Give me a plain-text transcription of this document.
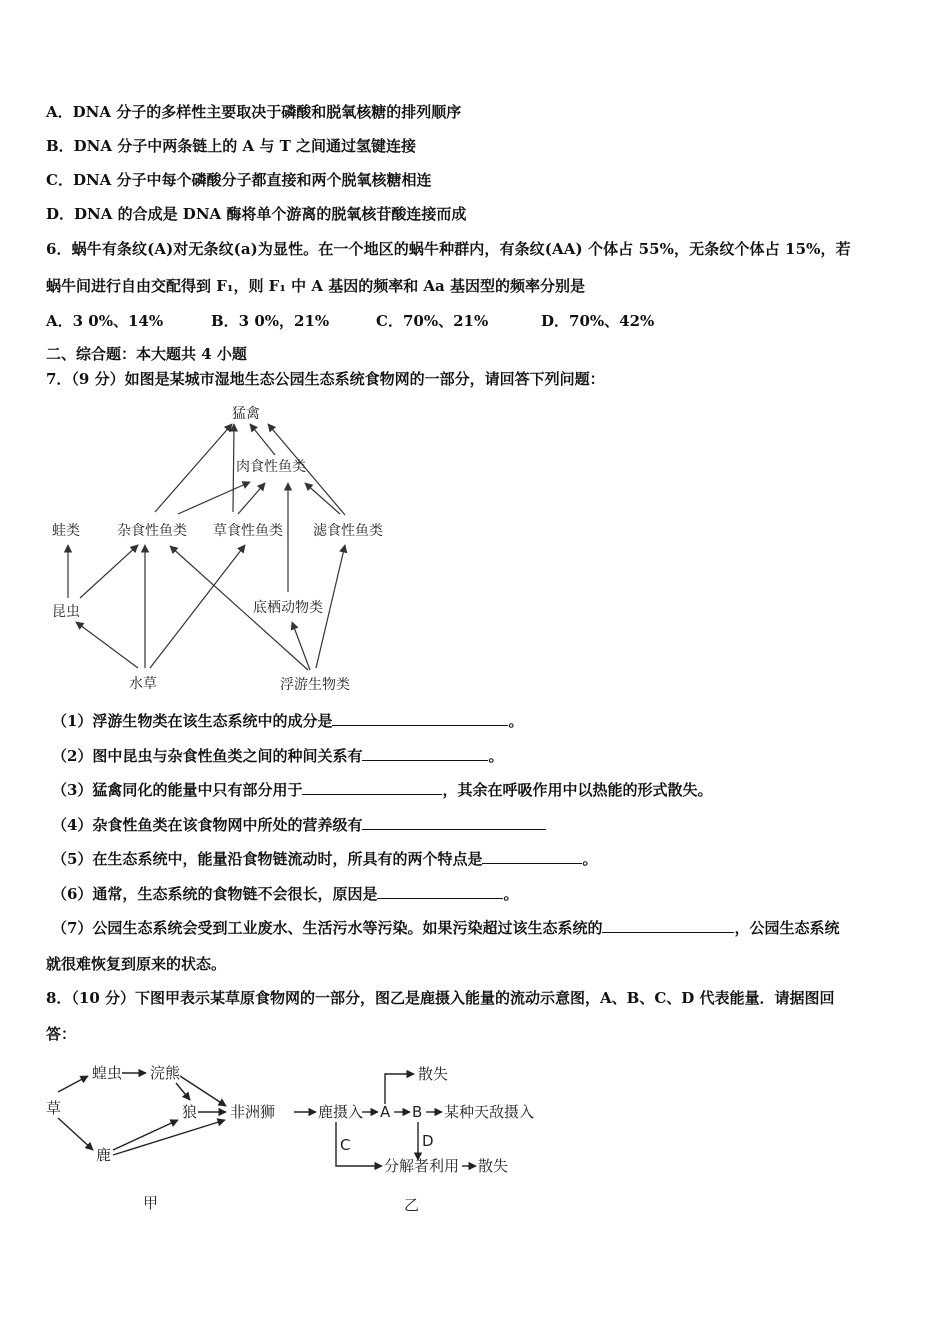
A．DNA 分子的多样性主要取决于磷酸和脱氧核糖的排列顺序
B．DNA 分子中两条链上的 A 与 T 之间通过氢键连接
C．DNA 分子中每个磷酸分子都直接和两个脱氧核糖相连
D．DNA 的合成是 DNA 酶将单个游离的脱氧核苷酸连接而成
6．蜗牛有条纹(A)对无条纹(a)为显性。在一个地区的蜗牛种群内，有条纹(AA) 个体占 55%，无条纹个体占 15%，若
蜗牛间进行自由交配得到 F₁，则 F₁ 中 A 基因的频率和 Aa 基因型的频率分别是
A．3 0%、14%	B．3 0%，21%	C．70%、21%	D．70%、42%
二、综合题：本大题共 4 小题
7．（9 分）如图是某城市湿地生态公园生态系统食物网的一部分，请回答下列问题：
猛禽
肉食性鱼类
蛙类	杂食性鱼类 草食性鱼类 滤食性鱼类
昆虫	底栖动物类
水草	浮游生物类
（1）浮游生物类在该生态系统中的成分是	。
（2）图中昆虫与杂食性鱼类之间的种间关系有	。
（3）猛禽同化的能量中只有部分用于	，其余在呼吸作用中以热能的形式散失。
（4）杂食性鱼类在该食物网中所处的营养级有
（5）在生态系统中，能量沿食物链流动时，所具有的两个特点是	。
（6）通常，生态系统的食物链不会很长，原因是	。
（7）公园生态系统会受到工业废水、生活污水等污染。如果污染超过该生态系统的	，公园生态系统
就很难恢复到原来的状态。
8．（10 分）下图甲表示某草原食物网的一部分，图乙是鹿摄入能量的流动示意图，A、B、C、D 代表能量．请据图回
答：
草
蝗虫 浣熊
狼 非洲狮
鹿
甲
鹿摄入 A B 某种天敌摄入
散失
C	D
分解者利用 散失
乙
